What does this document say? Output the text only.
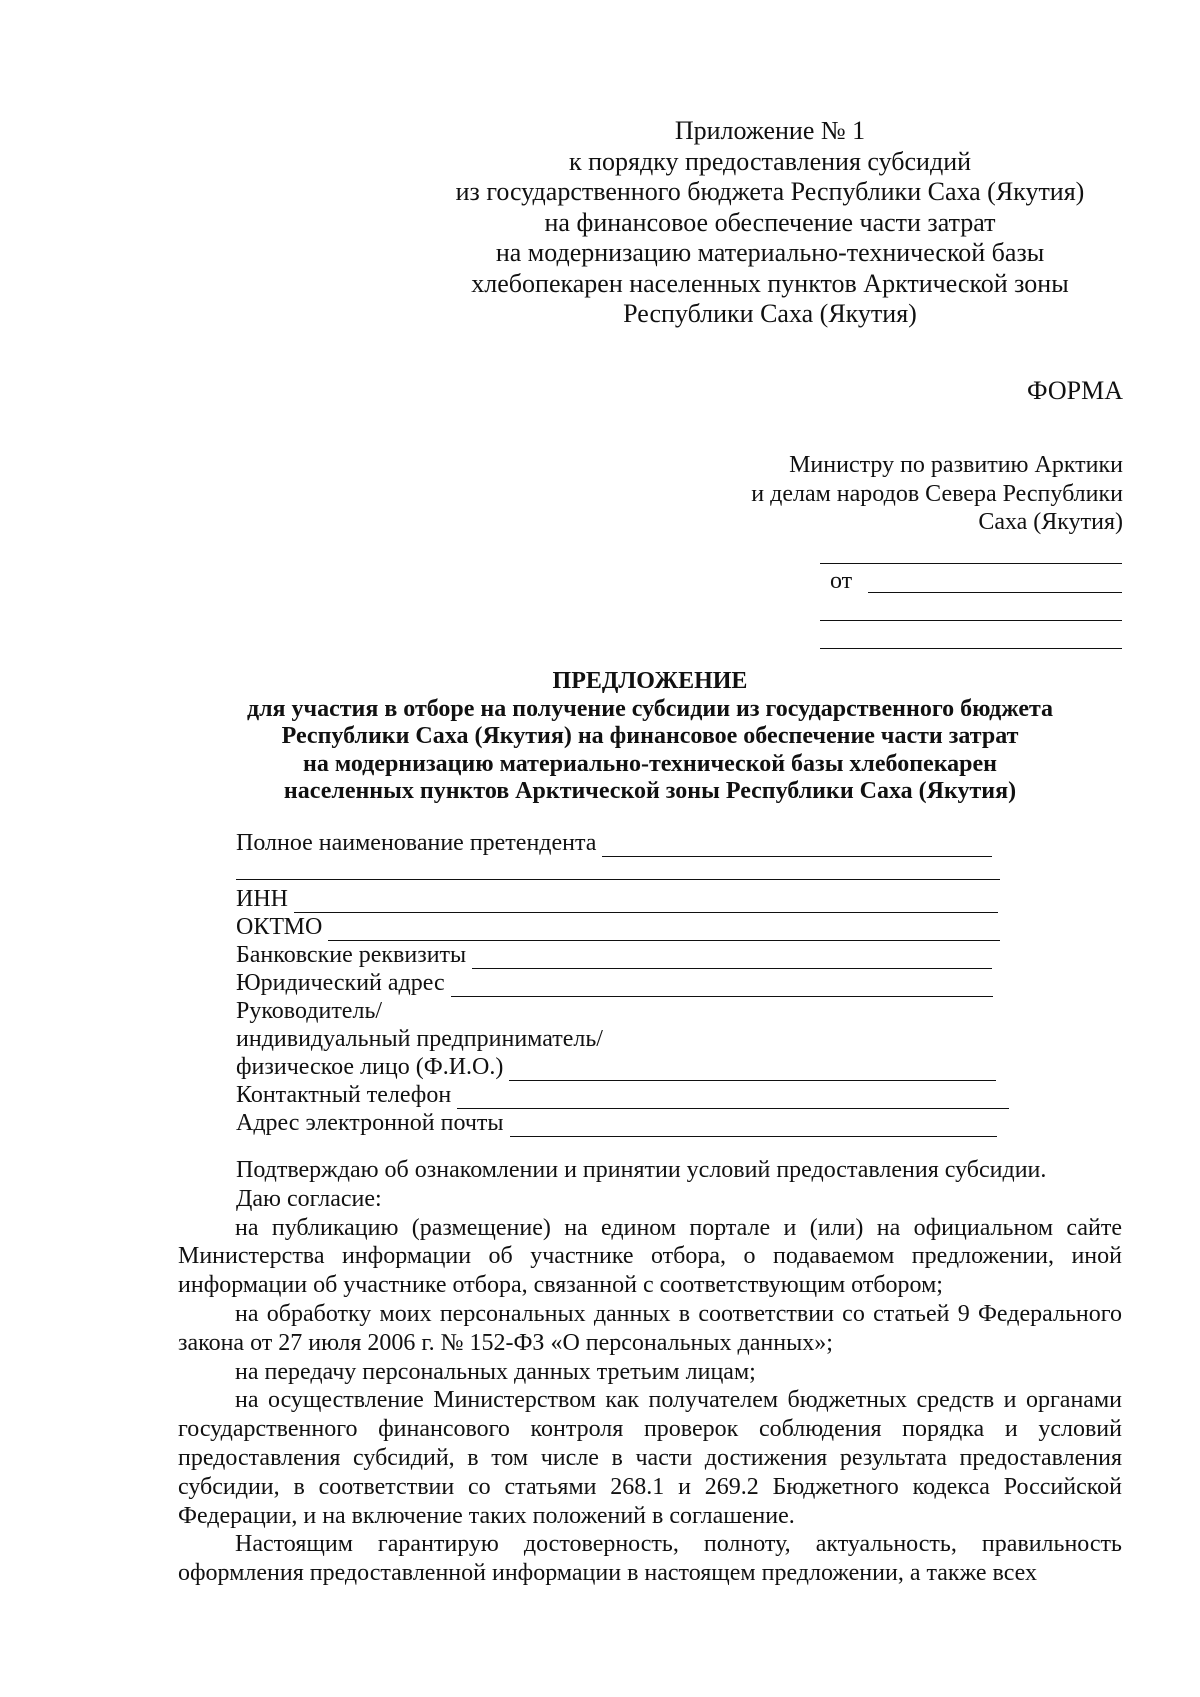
Приложение № 1
к порядку предоставления субсидий
из государственного бюджета Республики Саха (Якутия)
на финансовое обеспечение части затрат
на модернизацию материально-технической базы
хлебопекарен населенных пунктов Арктической зоны
Республики Саха (Якутия)
ФОРМА
Министру по развитию Арктики
и делам народов Севера Республики
Саха (Якутия)
от
ПРЕДЛОЖЕНИЕ
для участия в отборе на получение субсидии из государственного бюджета
Республики Саха (Якутия) на финансовое обеспечение части затрат
на модернизацию материально-технической базы хлебопекарен
населенных пунктов Арктической зоны Республики Саха (Якутия)
Полное наименование претендента
ИНН
ОКТМО
Банковские реквизиты
Юридический адрес
Руководитель/
индивидуальный предприниматель/
физическое лицо (Ф.И.О.)
Контактный телефон
Адрес электронной почты

Подтверждаю об ознакомлении и принятии условий предоставления субсидии.

Даю согласие:

на публикацию (размещение) на едином портале и (или) на официальном сайте Министерства информации об участнике отбора, о подаваемом предложении, иной информации об участнике отбора, связанной с соответствующим отбором;

на обработку моих персональных данных в соответствии со статьей 9 Федерального закона от 27 июля 2006 г. № 152-ФЗ «О персональных данных»;

на передачу персональных данных третьим лицам;

на осуществление Министерством как получателем бюджетных средств и органами государственного финансового контроля проверок соблюдения порядка и условий предоставления субсидий, в том числе в части достижения результата предоставления субсидии, в соответствии со статьями 268.1 и 269.2 Бюджетного кодекса Российской Федерации, и на включение таких положений в соглашение.

Настоящим гарантирую достоверность, полноту, актуальность, правильность оформления предоставленной информации в настоящем предложении, а также всех
